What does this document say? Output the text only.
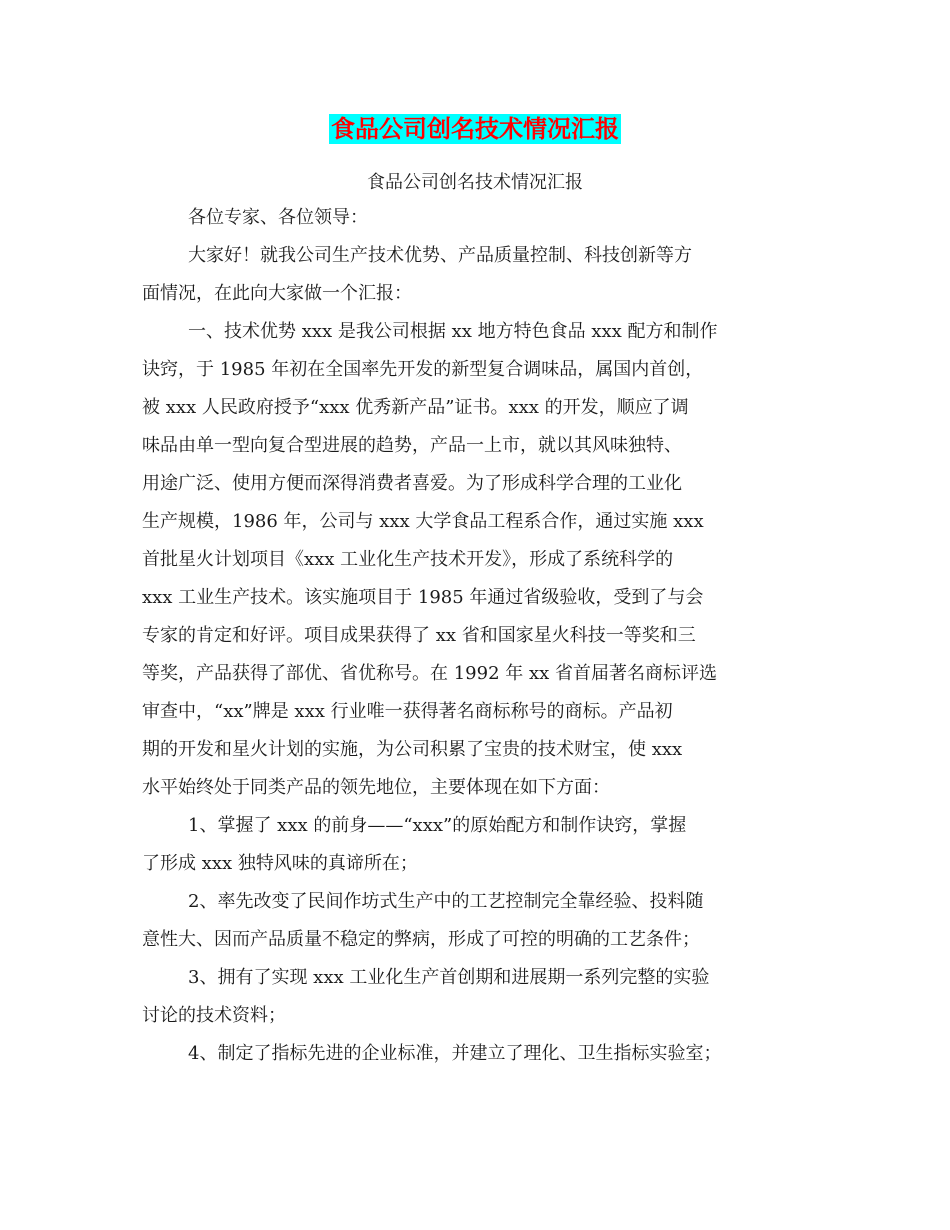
食品公司创名技术情况汇报
食品公司创名技术情况汇报
各位专家、各位领导：
大家好！就我公司生产技术优势、产品质量控制、科技创新等方
面情况，在此向大家做一个汇报：
一、技术优势 xxx 是我公司根据 xx 地方特色食品 xxx 配方和制作
诀窍，于 1985 年初在全国率先开发的新型复合调味品，属国内首创，
被 xxx 人民政府授予“xxx 优秀新产品”证书。xxx 的开发，顺应了调
味品由单一型向复合型进展的趋势，产品一上市，就以其风味独特、
用途广泛、使用方便而深得消费者喜爱。为了形成科学合理的工业化
生产规模，1986 年，公司与 xxx 大学食品工程系合作，通过实施 xxx
首批星火计划项目《xxx 工业化生产技术开发》，形成了系统科学的
xxx 工业生产技术。该实施项目于 1985 年通过省级验收，受到了与会
专家的肯定和好评。项目成果获得了 xx 省和国家星火科技一等奖和三
等奖，产品获得了部优、省优称号。在 1992 年 xx 省首届著名商标评选
审查中，“xx”牌是 xxx 行业唯一获得著名商标称号的商标。产品初
期的开发和星火计划的实施，为公司积累了宝贵的技术财宝，使 xxx
水平始终处于同类产品的领先地位，主要体现在如下方面：
1、掌握了 xxx 的前身——“xxx”的原始配方和制作诀窍，掌握
了形成 xxx 独特风味的真谛所在；
2、率先改变了民间作坊式生产中的工艺控制完全靠经验、投料随
意性大、因而产品质量不稳定的弊病，形成了可控的明确的工艺条件；
3、拥有了实现 xxx 工业化生产首创期和进展期一系列完整的实验
讨论的技术资料；
4、制定了指标先进的企业标准，并建立了理化、卫生指标实验室；
